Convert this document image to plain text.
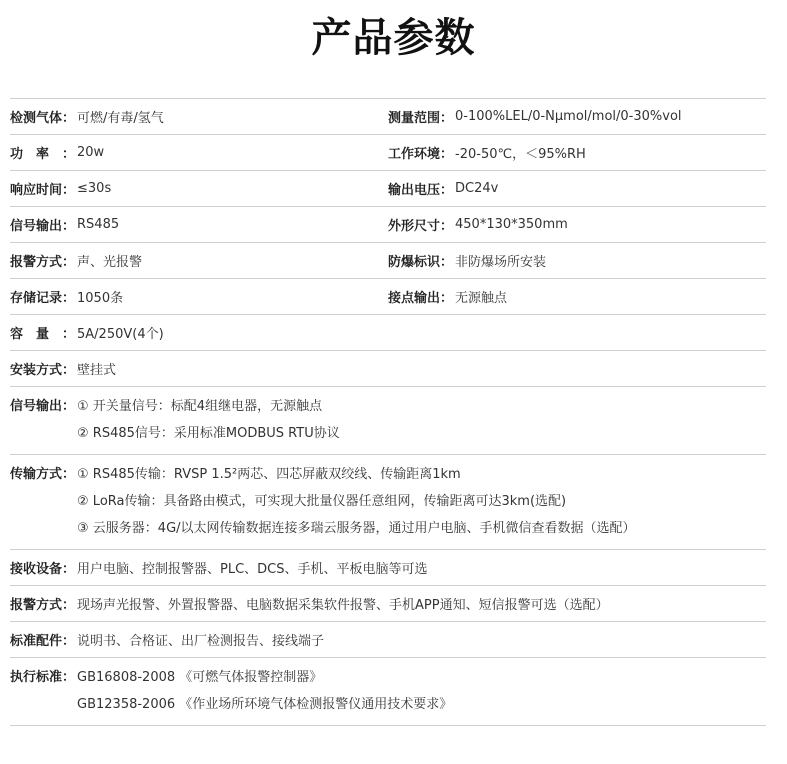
产品参数
检测气体： 可燃/有毒/氢气	测量范围： 0-100%LEL/0-Nμmol/mol/0-30%vol
功　率　： 20w	工作环境： -20-50℃，＜95%RH
响应时间： ≤30s	输出电压： DC24v
信号输出： RS485	外形尺寸： 450*130*350mm
报警方式： 声、光报警	防爆标识： 非防爆场所安装
存储记录： 1050条	接点输出： 无源触点
容　量　： 5A/250V(4个)
安装方式： 壁挂式
信号输出： ① 开关量信号：标配4组继电器，无源触点
② RS485信号：采用标准MODBUS RTU协议
传输方式： ① RS485传输：RVSP 1.5²两芯、四芯屏蔽双绞线、传输距离1km
② LoRa传输：具备路由模式，可实现大批量仪器任意组网，传输距离可达3km(选配)
③ 云服务器：4G/以太网传输数据连接多瑞云服务器，通过用户电脑、手机微信查看数据（选配）
接收设备： 用户电脑、控制报警器、PLC、DCS、手机、平板电脑等可选
报警方式： 现场声光报警、外置报警器、电脑数据采集软件报警、手机APP通知、短信报警可选（选配）
标准配件： 说明书、合格证、出厂检测报告、接线端子
执行标准： GB16808-2008 《可燃气体报警控制器》
GB12358-2006 《作业场所环境气体检测报警仪通用技术要求》
